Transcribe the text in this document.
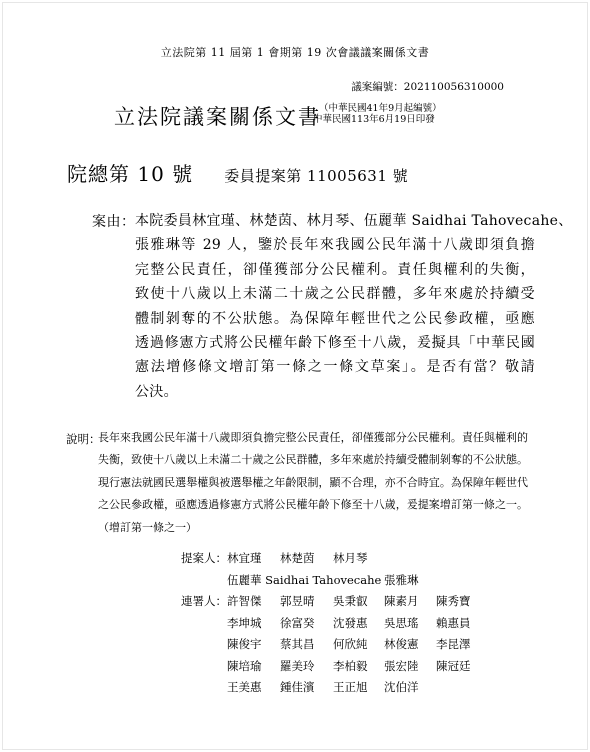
立法院第 11 屆第 1 會期第 19 次會議議案關係文書
議案編號：202110056310000
立法院議案關係文書
（中華民國41年9月起編號）
中華民國113年6月19日印發
院總第 10 號 委員提案第 11005631 號
案由： 本院委員林宜瑾、林楚茵、林月琴、伍麗華 Saidhai Tahovecahe、
張雅琳等 29 人，鑒於長年來我國公民年滿十八歲即須負擔
完整公民責任，卻僅獲部分公民權利。責任與權利的失衡，
致使十八歲以上未滿二十歲之公民群體，多年來處於持續受
體制剝奪的不公狀態。為保障年輕世代之公民參政權，亟應
透過修憲方式將公民權年齡下修至十八歲，爰擬具「中華民國
憲法增修條文增訂第一條之一條文草案」。是否有當？敬請
公決。
說明：
長年來我國公民年滿十八歲即須負擔完整公民責任，卻僅獲部分公民權利。責任與權利的
失衡，致使十八歲以上未滿二十歲之公民群體，多年來處於持續受體制剝奪的不公狀態。
現行憲法就國民選舉權與被選舉權之年齡限制，顯不合理，亦不合時宜。為保障年輕世代
之公民參政權，亟應透過修憲方式將公民權年齡下修至十八歲，爰提案增訂第一條之一。
（增訂第一條之一）
提案人： 林宜瑾 林楚茵 林月琴
伍麗華 Saidhai Tahovecahe 張雅琳
連署人： 許智傑 郭昱晴 吳秉叡 陳素月 陳秀寶
李坤城 徐富癸 沈發惠 吳思瑤 賴惠員
陳俊宇 蔡其昌 何欣純 林俊憲 李昆澤
陳培瑜 羅美玲 李柏毅 張宏陸 陳冠廷
王美惠 鍾佳濱 王正旭 沈伯洋
